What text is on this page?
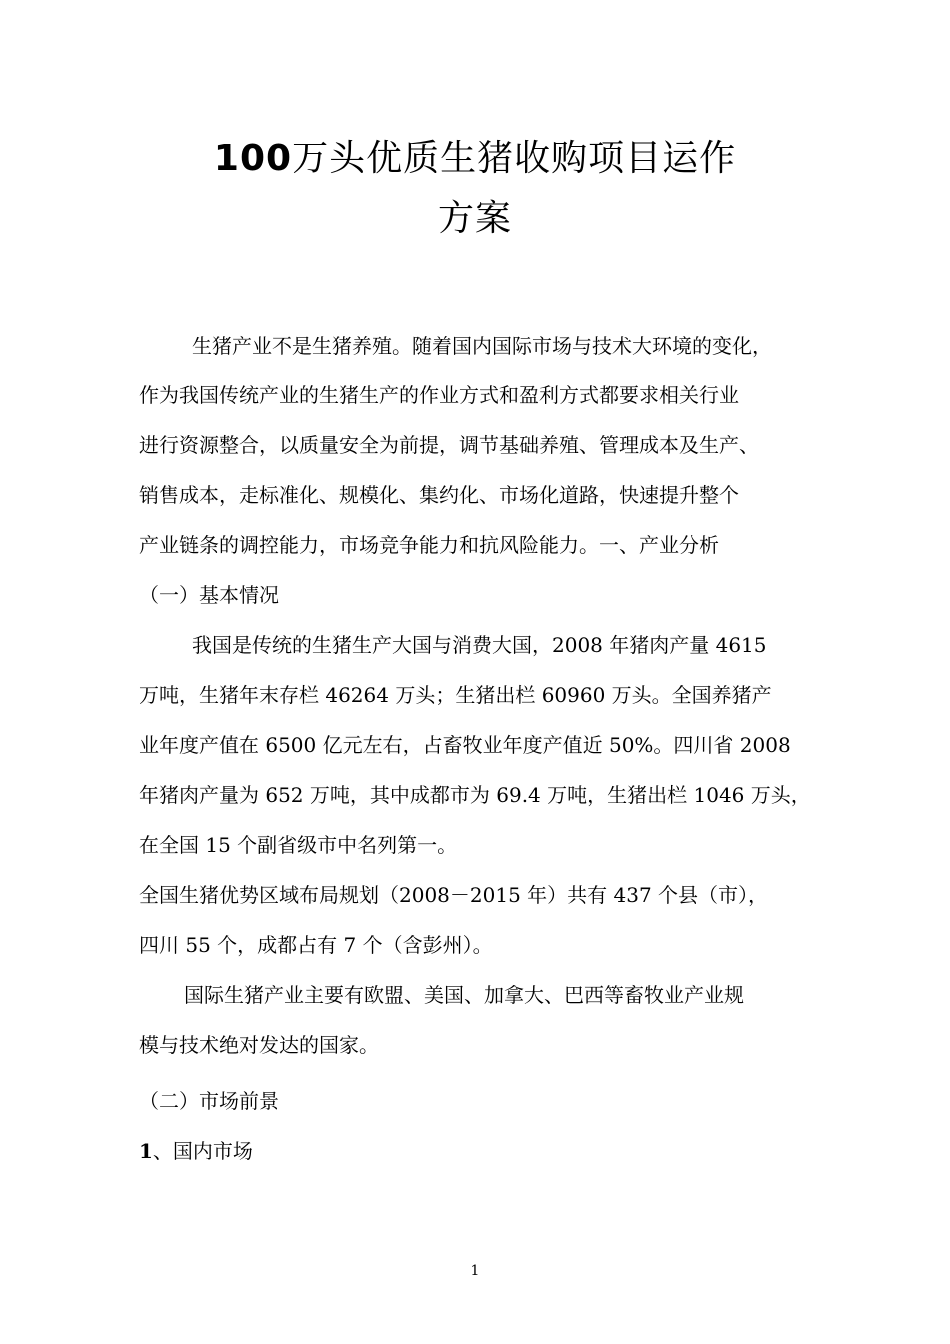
100万头优质生猪收购项目运作
方案
生猪产业不是生猪养殖。随着国内国际市场与技术大环境的变化，
作为我国传统产业的生猪生产的作业方式和盈利方式都要求相关行业
进行资源整合，以质量安全为前提，调节基础养殖、管理成本及生产、
销售成本，走标准化、规模化、集约化、市场化道路，快速提升整个
产业链条的调控能力，市场竞争能力和抗风险能力。一、产业分析
（一）基本情况
我国是传统的生猪生产大国与消费大国，2008 年猪肉产量 4615
万吨，生猪年末存栏 46264 万头；生猪出栏 60960 万头。全国养猪产
业年度产值在 6500 亿元左右，占畜牧业年度产值近 50%。四川省 2008
年猪肉产量为 652 万吨，其中成都市为 69.4 万吨，生猪出栏 1046 万头，
在全国 15 个副省级市中名列第一。
全国生猪优势区域布局规划（2008－2015 年）共有 437 个县（市），
四川 55 个，成都占有 7 个（含彭州）。
国际生猪产业主要有欧盟、美国、加拿大、巴西等畜牧业产业规
模与技术绝对发达的国家。
（二）市场前景
1、国内市场
1
